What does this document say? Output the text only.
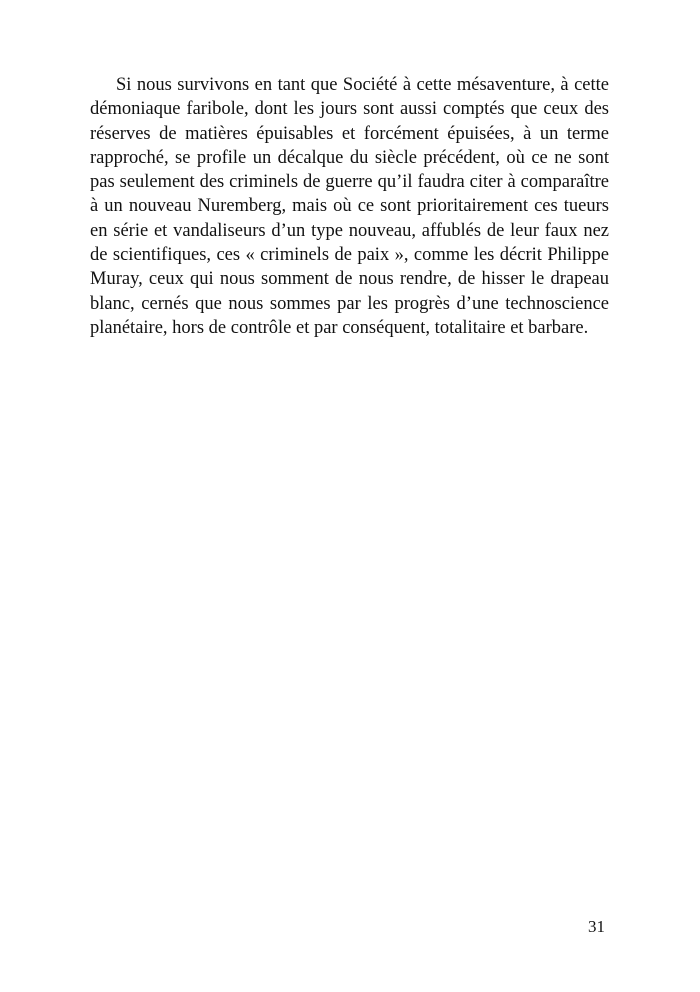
Si nous survivons en tant que Société à cette mésaventure, à cette
démoniaque faribole, dont les jours sont aussi comptés que ceux des
réserves de matières épuisables et forcément épuisées, à un terme
rapproché, se profile un décalque du siècle précédent, où ce ne sont
pas seulement des criminels de guerre qu’il faudra citer à comparaître
à un nouveau Nuremberg, mais où ce sont prioritairement ces tueurs
en série et vandaliseurs d’un type nouveau, affublés de leur faux nez
de scientifiques, ces « criminels de paix », comme les décrit Philippe
Muray, ceux qui nous somment de nous rendre, de hisser le drapeau
blanc, cernés que nous sommes par les progrès d’une technoscience
planétaire, hors de contrôle et par conséquent, totalitaire et barbare.
31
